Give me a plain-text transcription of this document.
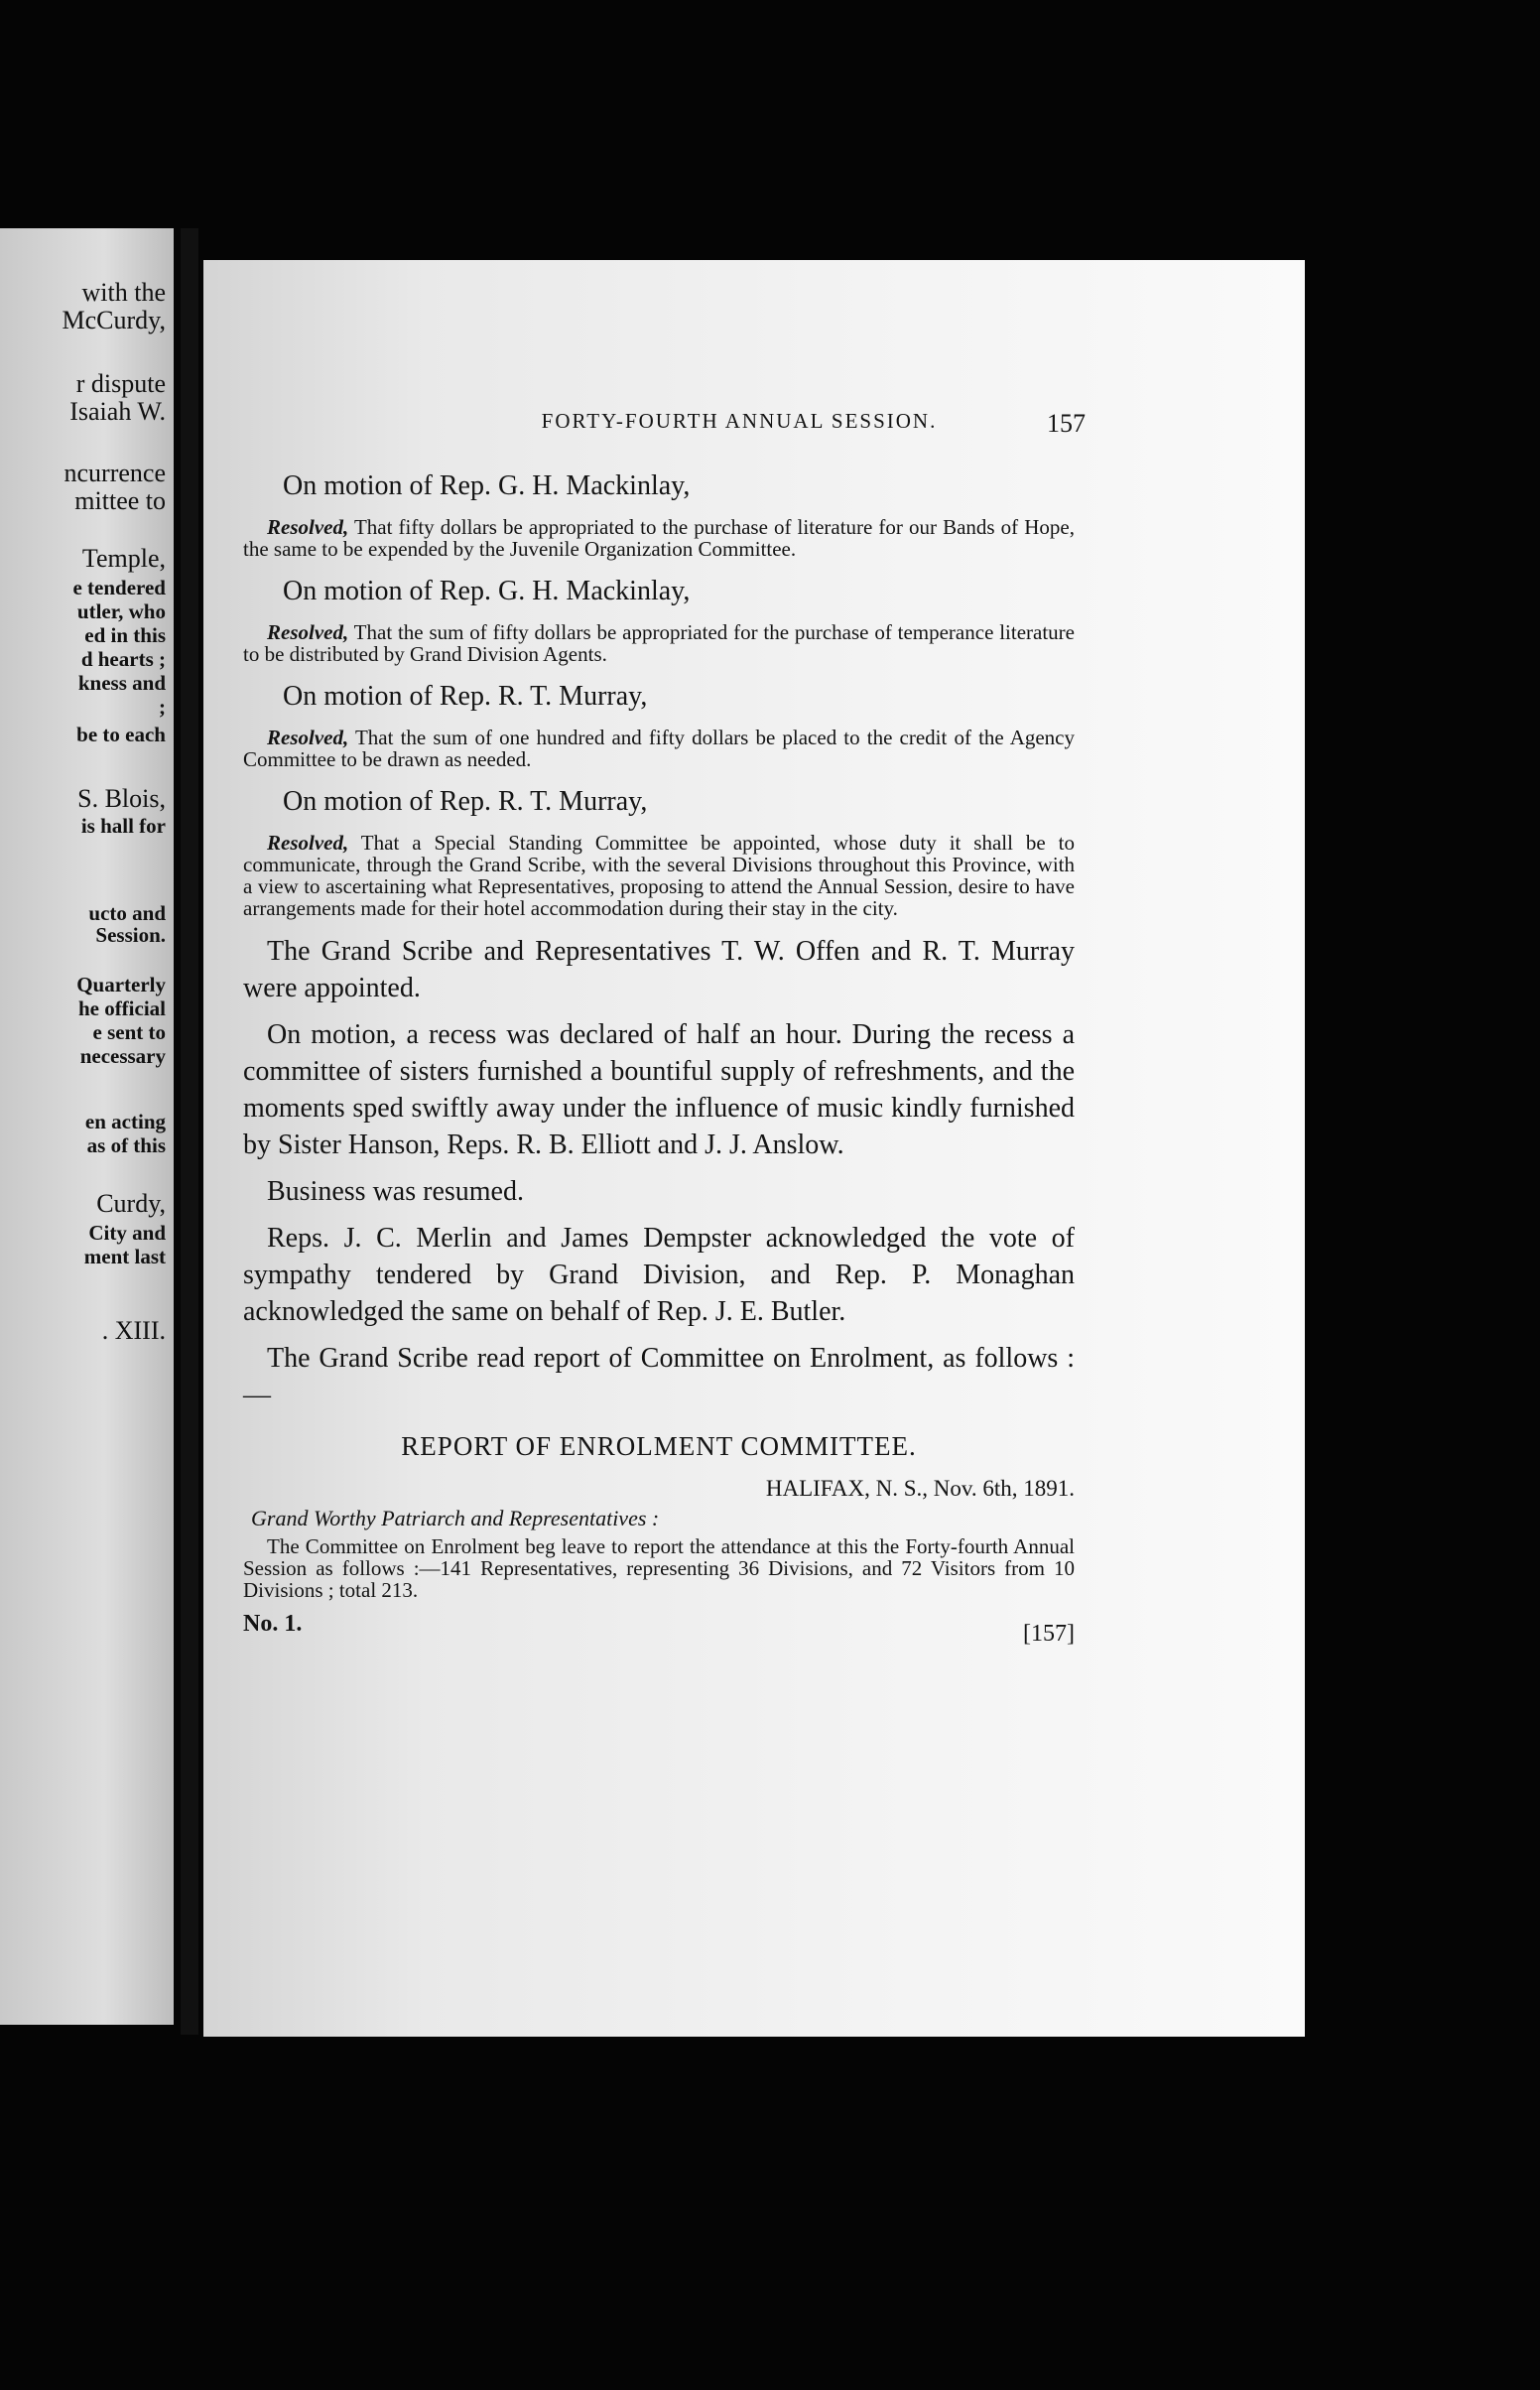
with the
McCurdy,
r dispute
Isaiah W.
ncurrence
mittee to
Temple,
e tendered
utler, who
ed in this
d hearts ;
kness and
;
be to each
S. Blois,
is hall for
ucto and
Session.
Quarterly
he official
e sent to
necessary
en acting
as of this
Curdy,
City and
ment last
. XIII.
FORTY-FOURTH ANNUAL SESSION.	157
On motion of Rep. G. H. Mackinlay,

Resolved, That fifty dollars be appropriated to the purchase of literature for our Bands of Hope, the same to be expended by the Juvenile Organization Committee.

On motion of Rep. G. H. Mackinlay,

Resolved, That the sum of fifty dollars be appropriated for the purchase of temperance literature to be distributed by Grand Division Agents.

On motion of Rep. R. T. Murray,

Resolved, That the sum of one hundred and fifty dollars be placed to the credit of the Agency Committee to be drawn as needed.

On motion of Rep. R. T. Murray,

Resolved, That a Special Standing Committee be appointed, whose duty it shall be to communicate, through the Grand Scribe, with the several Divisions throughout this Province, with a view to ascertaining what Representatives, proposing to attend the Annual Session, desire to have arrangements made for their hotel accommodation during their stay in the city.

The Grand Scribe and Representatives T. W. Offen and R. T. Murray were appointed.

On motion, a recess was declared of half an hour. During the recess a committee of sisters furnished a bountiful supply of refreshments, and the moments sped swiftly away under the influence of music kindly furnished by Sister Hanson, Reps. R. B. Elliott and J. J. Anslow.

Business was resumed.

Reps. J. C. Merlin and James Dempster acknowledged the vote of sympathy tendered by Grand Division, and Rep. P. Monaghan acknowledged the same on behalf of Rep. J. E. Butler.

The Grand Scribe read report of Committee on Enrolment, as follows :—

REPORT OF ENROLMENT COMMITTEE.
HALIFAX, N. S., Nov. 6th, 1891.
Grand Worthy Patriarch and Representatives :

The Committee on Enrolment beg leave to report the attendance at this the Forty-fourth Annual Session as follows :—141 Representatives, representing 36 Divisions, and 72 Visitors from 10 Divisions ; total 213.

No. 1.	[157]
